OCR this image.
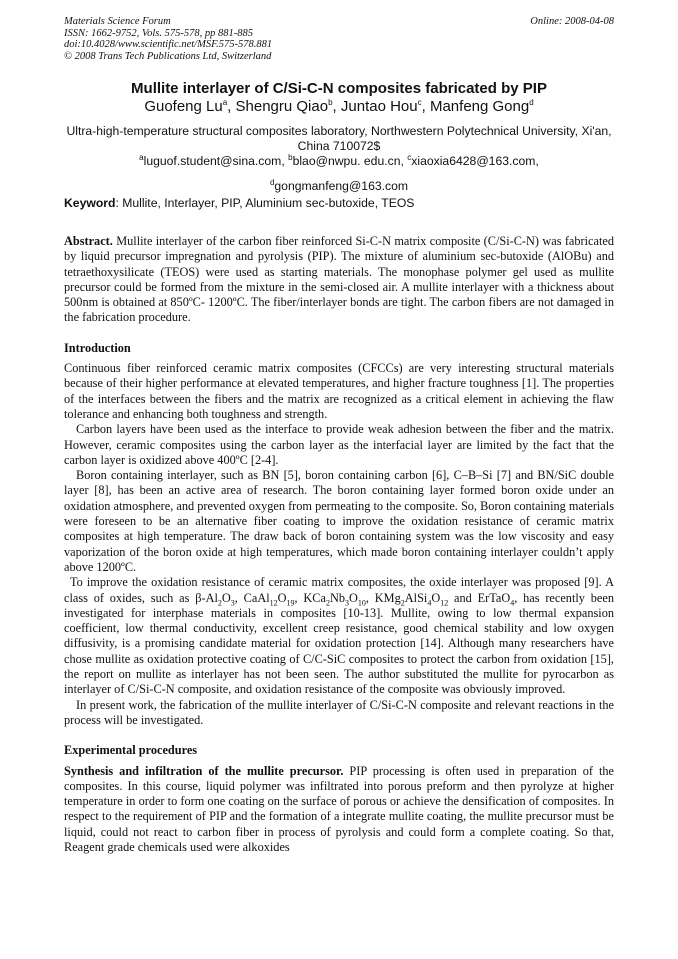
Materials Science Forum
ISSN: 1662-9752, Vols. 575-578, pp 881-885
doi:10.4028/www.scientific.net/MSF.575-578.881
© 2008 Trans Tech Publications Ltd, Switzerland
Online: 2008-04-08

Mullite interlayer of C/Si-C-N composites fabricated by PIP

Guofeng Lu$^a$, Shengru Qiao$^b$, Juntao Hou$^c$, Manfeng Gong$^d$

Ultra-high-temperature structural composites laboratory, Northwestern Polytechnical University, Xi'an, China 710072$
$^a$luguof.student@sina.com, $^b$blao@nwpu. edu.cn, $^c$xiaoxia6428@163.com,
$^d$gongmanfeng@163.com
Keyword: Mullite, Interlayer, PIP, Aluminium sec-butoxide, TEOS

Abstract. Mullite interlayer of the carbon fiber reinforced Si-C-N matrix composite (C/Si-C-N) was fabricated by liquid precursor impregnation and pyrolysis (PIP). The mixture of aluminium sec-butoxide (AlOBu) and tetraethoxysilicate (TEOS) were used as starting materials. The monophase polymer gel used as mullite precursor could be formed from the mixture in the semi-closed air. A mullite interlayer with a thickness about 500nm is obtained at 850ºC- 1200ºC. The fiber/interlayer bonds are tight. The carbon fibers are not damaged in the fabrication procedure.

Introduction

Continuous fiber reinforced ceramic matrix composites (CFCCs) are very interesting structural materials because of their higher performance at elevated temperatures, and higher fracture toughness [1]. The properties of the interfaces between the fibers and the matrix are recognized as a critical element in achieving the flaw tolerance and enhancing both toughness and strength.

Carbon layers have been used as the interface to provide weak adhesion between the fiber and the matrix. However, ceramic composites using the carbon layer as the interfacial layer are limited by the fact that the carbon layer is oxidized above 400ºC [2-4].

Boron containing interlayer, such as BN [5], boron containing carbon [6], C–B–Si [7] and BN/SiC double layer [8], has been an active area of research. The boron containing layer formed boron oxide under an oxidation atmosphere, and prevented oxygen from permeating to the composite. So, Boron containing materials were foreseen to be an alternative fiber coating to improve the oxidation resistance of ceramic matrix composites at high temperature. The draw back of boron containing system was the low viscosity and easy vaporization of the boron oxide at high temperatures, which made boron containing interlayer couldn’t apply above 1200ºC.

To improve the oxidation resistance of ceramic matrix composites, the oxide interlayer was proposed [9]. A class of oxides, such as $\beta-Al_2O_3$, $CaAl_{12}O_{19}$, $KCa_2Nb_3O_{10}$, $KMg_2AlSi_4O_{12}$ and ErTaO$_4$, has recently been investigated for interphase materials in composites [10-13]. Mullite, owing to low thermal expansion coefficient, low thermal conductivity, excellent creep resistance, good chemical stability and low oxygen diffusivity, is a promising candidate material for oxidation protection [14]. Although many researchers have chose mullite as oxidation protective coating of C/C-SiC composites to protect the carbon from oxidation [15], the report on mullite as interlayer has not been seen. The author substituted the mullite for pyrocarbon as interlayer of C/Si-C-N composite, and oxidation resistance of the composite was obviously improved.

In present work, the fabrication of the mullite interlayer of C/Si-C-N composite and relevant reactions in the process will be investigated.

Experimental procedures

Synthesis and infiltration of the mullite precursor. PIP processing is often used in preparation of the composites. In this course, liquid polymer was infiltrated into porous preform and then pyrolyze at higher temperature in order to form one coating on the surface of porous or achieve the densification of composites. In respect to the requirement of PIP and the formation of a integrate mullite coating, the mullite precursor must be liquid, could not react to carbon fiber in process of pyrolysis and could form a complete coating. So that, Reagent grade chemicals used were alkoxides
